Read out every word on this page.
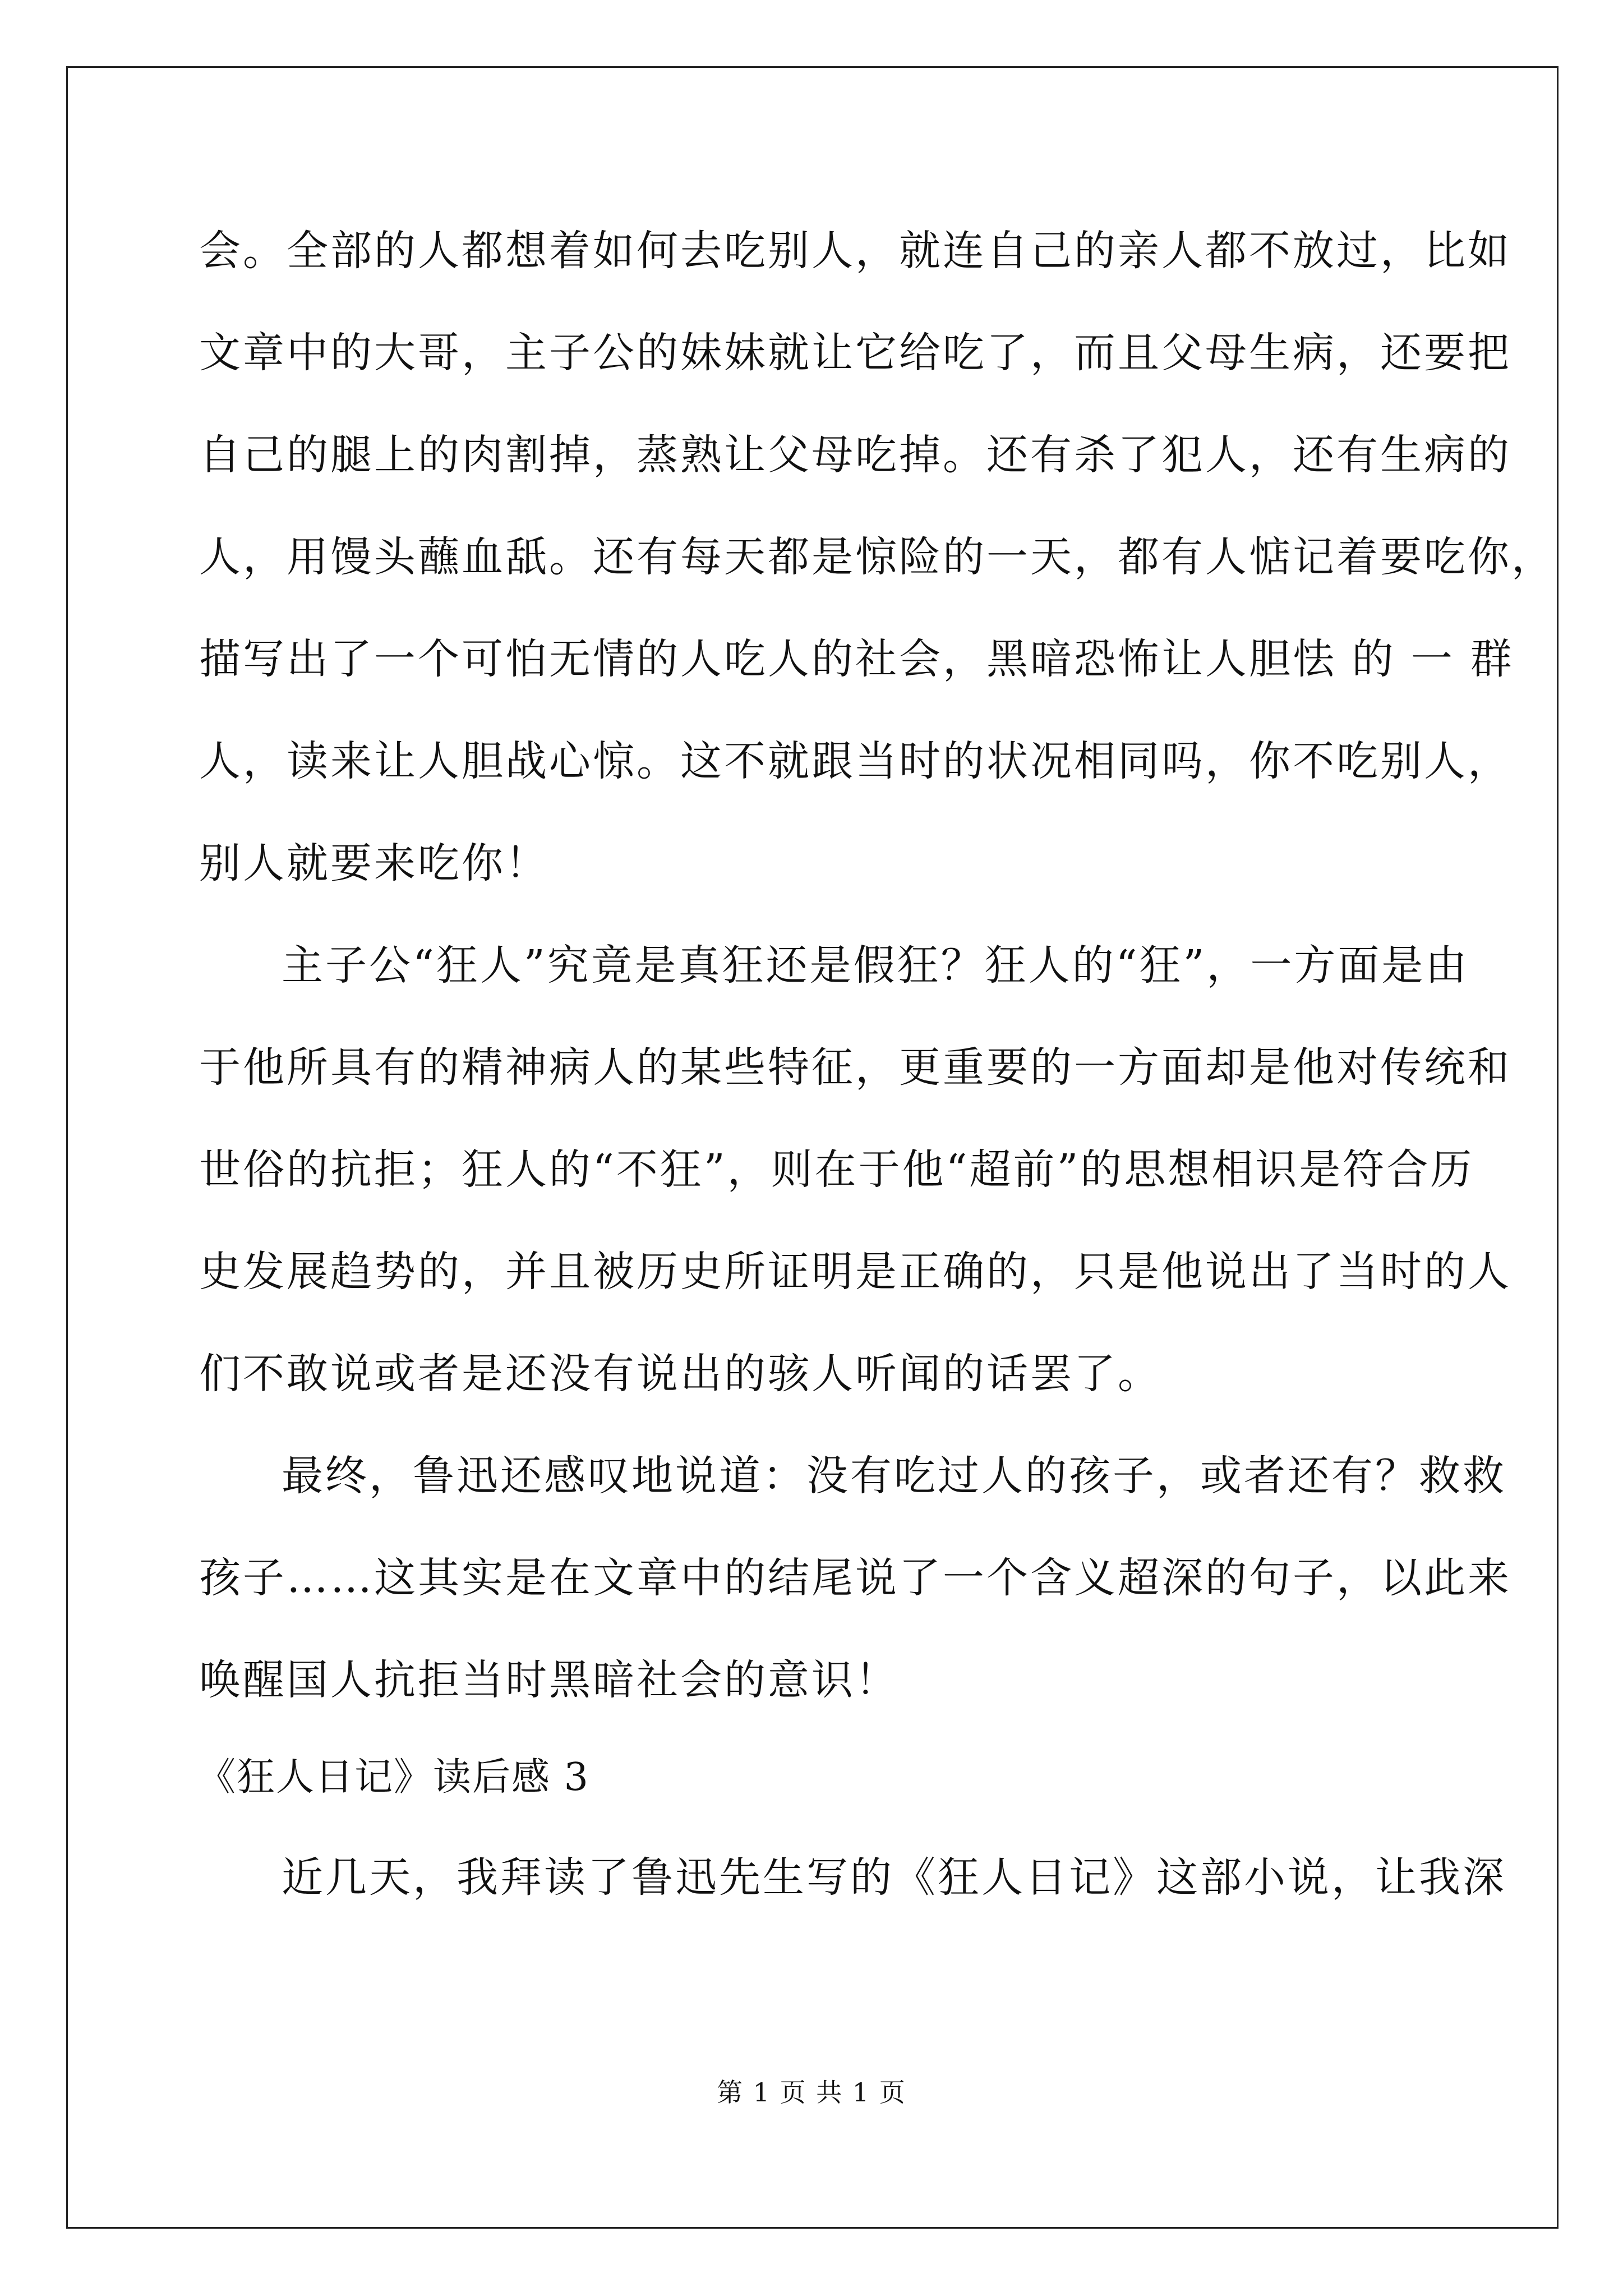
会。全部的人都想着如何去吃别人，就连自己的亲人都不放过，比如
文章中的大哥，主子公的妹妹就让它给吃了，而且父母生病，还要把
自己的腿上的肉割掉，蒸熟让父母吃掉。还有杀了犯人，还有生病的
人，用馒头蘸血舐。还有每天都是惊险的一天，都有人惦记着要吃你，
描写出了一个可怕无情的人吃人的社会，黑暗恐怖让人胆怯 的 一 群
人，读来让人胆战心惊。这不就跟当时的状况相同吗，你不吃别人，
别人就要来吃你！
主子公“狂人”究竟是真狂还是假狂？狂人的“狂”，一方面是由
于他所具有的精神病人的某些特征，更重要的一方面却是他对传统和
世俗的抗拒；狂人的“不狂”，则在于他“超前”的思想相识是符合历
史发展趋势的，并且被历史所证明是正确的，只是他说出了当时的人
们不敢说或者是还没有说出的骇人听闻的话罢了。
最终，鲁迅还感叹地说道：没有吃过人的孩子，或者还有？救救
孩子……这其实是在文章中的结尾说了一个含义超深的句子，以此来
唤醒国人抗拒当时黑暗社会的意识！
《狂人日记》读后感 3
近几天，我拜读了鲁迅先生写的《狂人日记》这部小说，让我深
第 1 页 共 1 页
